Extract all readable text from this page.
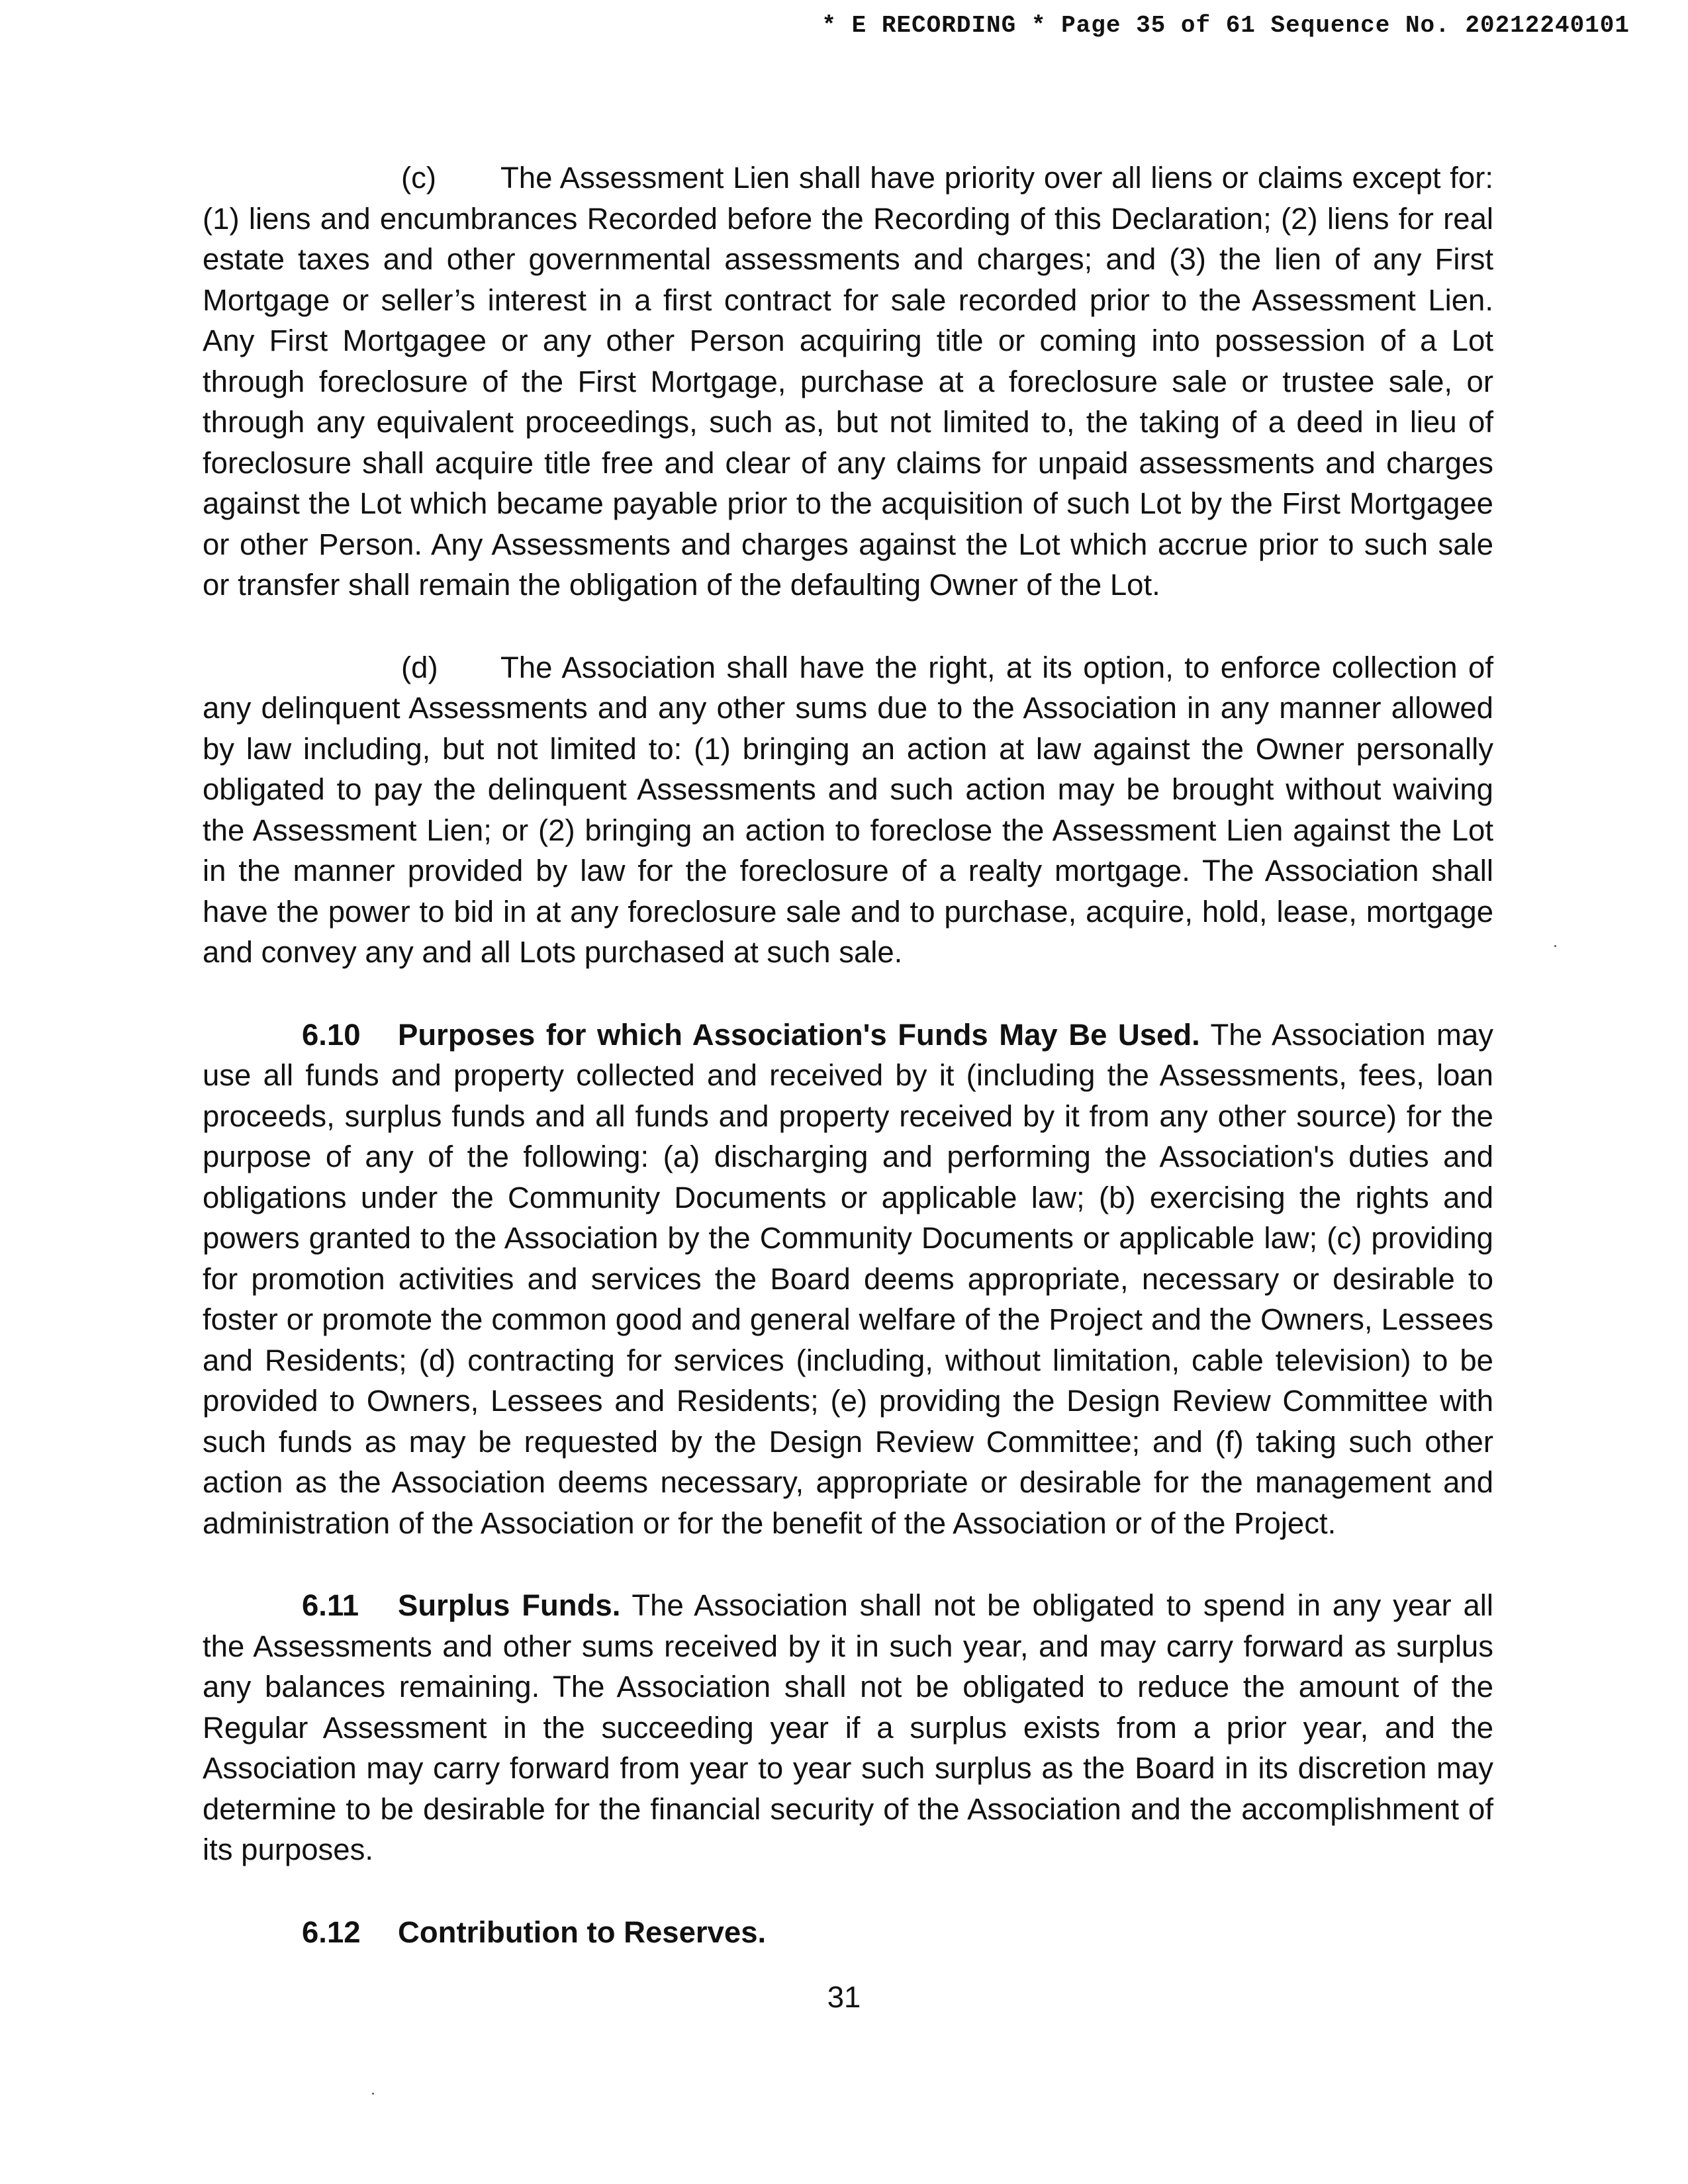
* E RECORDING * Page 35 of 61 Sequence No. 20212240101

(c) The Assessment Lien shall have priority over all liens or claims except for: (1) liens and encumbrances Recorded before the Recording of this Declaration; (2) liens for real estate taxes and other governmental assessments and charges; and (3) the lien of any First Mortgage or seller’s interest in a first contract for sale recorded prior to the Assessment Lien. Any First Mortgagee or any other Person acquiring title or coming into possession of a Lot through foreclosure of the First Mortgage, purchase at a foreclosure sale or trustee sale, or through any equivalent proceedings, such as, but not limited to, the taking of a deed in lieu of foreclosure shall acquire title free and clear of any claims for unpaid assessments and charges against the Lot which became payable prior to the acquisition of such Lot by the First Mortgagee or other Person. Any Assessments and charges against the Lot which accrue prior to such sale or transfer shall remain the obligation of the defaulting Owner of the Lot.

(d) The Association shall have the right, at its option, to enforce collection of any delinquent Assessments and any other sums due to the Association in any manner allowed by law including, but not limited to: (1) bringing an action at law against the Owner personally obligated to pay the delinquent Assessments and such action may be brought without waiving the Assessment Lien; or (2) bringing an action to foreclose the Assessment Lien against the Lot in the manner provided by law for the foreclosure of a realty mortgage. The Association shall have the power to bid in at any foreclosure sale and to purchase, acquire, hold, lease, mortgage and convey any and all Lots purchased at such sale.

6.10 Purposes for which Association's Funds May Be Used. The Association may use all funds and property collected and received by it (including the Assessments, fees, loan proceeds, surplus funds and all funds and property received by it from any other source) for the purpose of any of the following: (a) discharging and performing the Association's duties and obligations under the Community Documents or applicable law; (b) exercising the rights and powers granted to the Association by the Community Documents or applicable law; (c) providing for promotion activities and services the Board deems appropriate, necessary or desirable to foster or promote the common good and general welfare of the Project and the Owners, Lessees and Residents; (d) contracting for services (including, without limitation, cable television) to be provided to Owners, Lessees and Residents; (e) providing the Design Review Committee with such funds as may be requested by the Design Review Committee; and (f) taking such other action as the Association deems necessary, appropriate or desirable for the management and administration of the Association or for the benefit of the Association or of the Project.

6.11 Surplus Funds. The Association shall not be obligated to spend in any year all the Assessments and other sums received by it in such year, and may carry forward as surplus any balances remaining. The Association shall not be obligated to reduce the amount of the Regular Assessment in the succeeding year if a surplus exists from a prior year, and the Association may carry forward from year to year such surplus as the Board in its discretion may determine to be desirable for the financial security of the Association and the accomplishment of its purposes.

6.12 Contribution to Reserves.

31
